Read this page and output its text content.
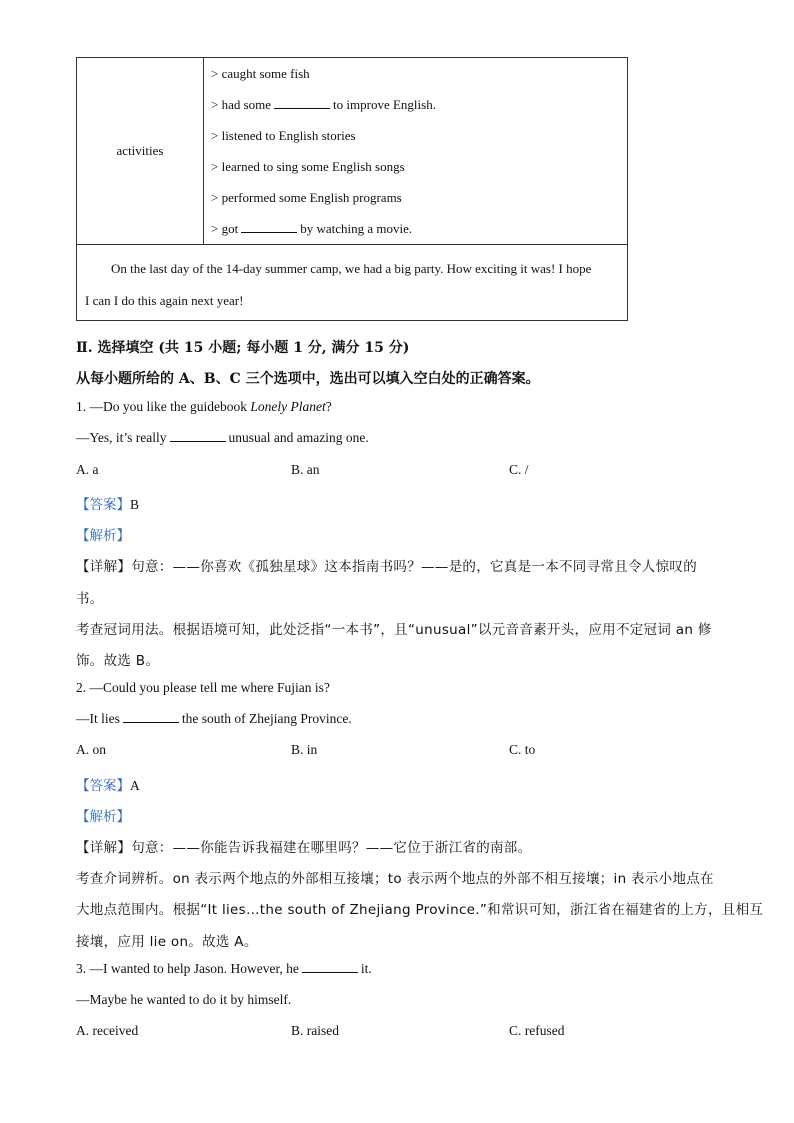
activities	
> caught some fish
> had some	to improve English.
> listened to English stories
> learned to sing some English songs
> performed some English programs
> got	by watching a movie.

On the last day of the 14-day summer camp, we had a big party. How exciting it was! I hope
I can I do this again next year!
Ⅱ. 选择填空 (共 15 小题; 每小题 1 分, 满分 15 分)
从每小题所给的 A、B、C 三个选项中，选出可以填入空白处的正确答案。
1. —Do you like the guidebook Lonely Planet?
—Yes, it’s really	unusual and amazing one.
A. a	B. an	C. /
【答案】B
【解析】
【详解】句意：——你喜欢《孤独星球》这本指南书吗？——是的，它真是一本不同寻常且令人惊叹的
书。
考查冠词用法。根据语境可知，此处泛指“一本书”，且“unusual”以元音音素开头，应用不定冠词 an 修
饰。故选 B。
2. —Could you please tell me where Fujian is?
—It lies	the south of Zhejiang Province.
A. on	B. in	C. to
【答案】A
【解析】
【详解】句意：——你能告诉我福建在哪里吗？——它位于浙江省的南部。
考查介词辨析。on 表示两个地点的外部相互接壤；to 表示两个地点的外部不相互接壤；in 表示小地点在
大地点范围内。根据“It lies…the south of Zhejiang Province.”和常识可知，浙江省在福建省的上方，且相互
接壤，应用 lie on。故选 A。
3. —I wanted to help Jason. However, he	it.
—Maybe he wanted to do it by himself.
A. received	B. raised	C. refused
